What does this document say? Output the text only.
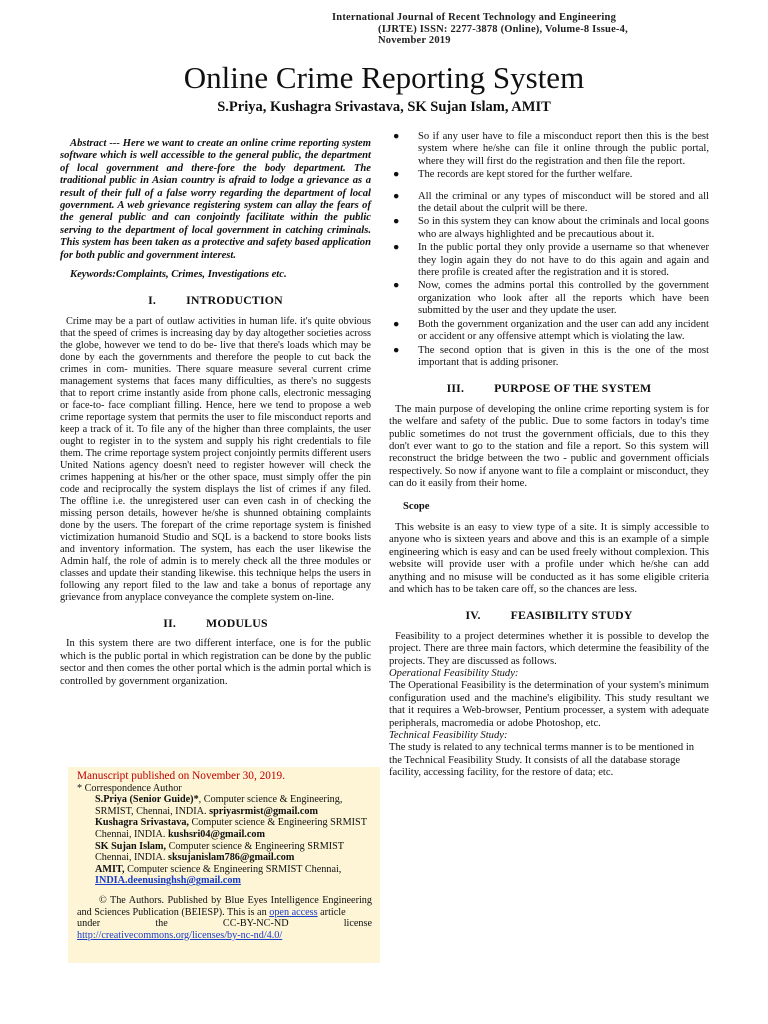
International Journal of Recent Technology and Engineering
(IJRTE) ISSN: 2277-3878 (Online), Volume-8 Issue-4,
November 2019
Online Crime Reporting System
S.Priya, Kushagra Srivastava, SK Sujan Islam, AMIT

Abstract --- Here we want to create an online crime reporting system software which is well accessible to the general public, the department of local government and there-fore the body department. The traditional public in Asian country is afraid to lodge a grievance as a result of their full of a false worry regarding the department of local government. A web grievance registering system can allay the fears of the general public and can conjointly facilitate within the public serving to the department of local government in catching criminals. This system has been taken as a protective and safety based application for both public and government interest.

Keywords:Complaints, Crimes, Investigations etc.

I.	INTRODUCTION

Crime may be a part of outlaw activities in human life. it's quite obvious that the speed of crimes is increasing day by day altogether societies across the globe, however we tend to do be- live that there's loads which may be done by each the governments and therefore the people to cut back the crimes in com- munities. There square measure several current crime management systems that faces many difficulties, as there's no suggests that to report crime instantly aside from phone calls, electronic messaging or face-to- face compliant filling. Hence, here we tend to propose a web crime reportage system that permits the user to file misconduct reports and keep a track of it. To file any of the higher than three complaints, the user ought to register in to the system and supply his right credentials to file them. The crime reportage system project conjointly permits different users United Nations agency doesn't need to register however will check the crimes happening at his/her or the other space, must simply offer the pin code and reciprocally the system displays the list of crimes if any filed. The offline i.e. the unregistered user can even cash in of checking the missing person details, however he/she is shunned obtaining complaints done by the users. The forepart of the crime reportage system is finished victimization humanoid Studio and SQL is a backend to store books lists and inventory information. The system, has each the user likewise the Admin half, the role of admin is to merely check all the three modules or classes and update their standing likewise. this technique helps the users in following any report filed to the law and take a bonus of reportage any grievance from anyplace conveyance the complete system on-line.

II.	MODULUS

In this system there are two different interface, one is for the public which is the public portal in which registration can be done by the public sector and then comes the other portal which is the admin portal which is controlled by government organization.

Manuscript published on November 30, 2019.

* Correspondence Author

S.Priya (Senior Guide)*, Computer science & Engineering, SRMIST, Chennai, INDIA. spriyasrmist@gmail.com

Kushagra Srivastava, Computer science & Engineering SRMIST Chennai, INDIA. kushsri04@gmail.com

SK Sujan Islam, Computer science & Engineering SRMIST Chennai, INDIA. sksujanislam786@gmail.com

AMIT, Computer science & Engineering SRMIST Chennai, INDIA.deenusinghsh@gmail.com

© The Authors. Published by Blue Eyes Intelligence Engineering and Sciences Publication (BEIESP). This is an open access article

under	the	CC-BY-NC-ND	license

http://creativecommons.org/licenses/by-nc-nd/4.0/

● So if any user have to file a misconduct report then this is the best system where he/she can file it online through the public portal, where they will first do the registration and then file the report.
● The records are kept stored for the further welfare.
● All the criminal or any types of misconduct will be stored and all the detail about the culprit will be there.
● So in this system they can know about the criminals and local goons who are always highlighted and be precautious about it.
● In the public portal they only provide a username so that whenever they login again they do not have to do this again and again and there profile is created after the registration and it is stored.
● Now, comes the admins portal this controlled by the government organization who look after all the reports which have been submitted by the user and they update the user.
● Both the government organization and the user can add any incident or accident or any offensive attempt which is violating the law.
● The second option that is given in this is the one of the most important that is adding prisoner.
III.	PURPOSE OF THE SYSTEM

The main purpose of developing the online crime reporting system is for the welfare and safety of the public. Due to some factors in today's time public sometimes do not trust the government officials, due to this they don't ever want to go to the station and file a report. So this system will reconstruct the bridge between the two - public and government officials respectively. So now if anyone want to file a complaint or misconduct, they can do it easily from their home.

Scope

This website is an easy to view type of a site. It is simply accessible to anyone who is sixteen years and above and this is an example of a simple engineering which is easy and can be used freely without complexion. This website will provide user with a profile under which he/she can add anything and no misuse will be conducted as it has some eligible criteria and which has to be taken care off, so the chances are less.

IV.	FEASIBILITY STUDY

Feasibility to a project determines whether it is possible to develop the project. There are three main factors, which determine the feasibility of the projects. They are discussed as follows.

Operational Feasibility Study:

The Operational Feasibility is the determination of your system's minimum configuration used and the machine's eligibility. This study resultant we that it requires a Web-browser, Pentium processer, a system with adequate peripherals, macromedia or adobe Photoshop, etc.

Technical Feasibility Study:

The study is related to any technical terms manner is to be mentioned in the Technical Feasibility Study. It consists of all the database storage facility, accessing facility, for the restore of data; etc.
